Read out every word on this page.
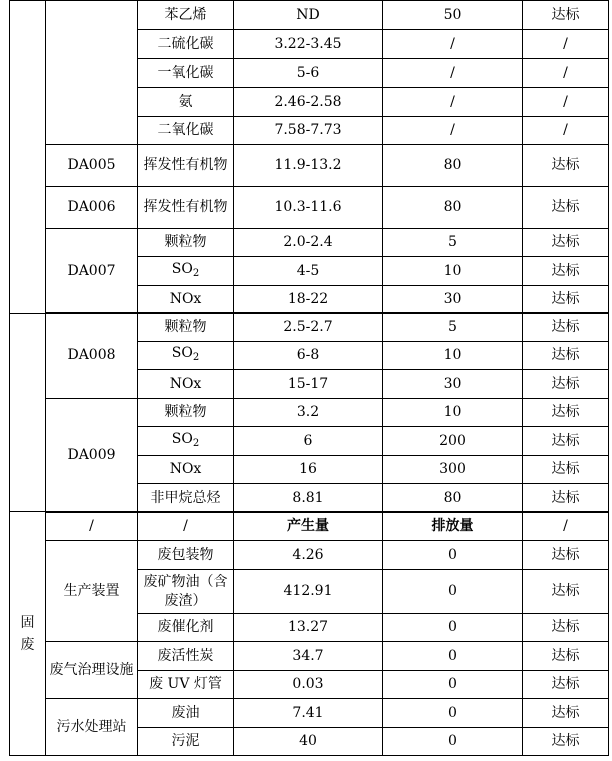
		苯乙烯	ND	50	达标
		二硫化碳	3.22-3.45	/	/
		一氧化碳	5-6	/	/
		氨	2.46-2.58	/	/
		二氧化碳	7.58-7.73	/	/
	DA005	挥发性有机物	11.9-13.2	80	达标
	DA006	挥发性有机物	10.3-11.6	80	达标
	DA007	颗粒物	2.0-2.4	5	达标
		$SO_2$	4-5	10	达标
		NOx	18-22	30	达标
	DA008	颗粒物	2.5-2.7	5	达标
		$SO_2$	6-8	10	达标
		NOx	15-17	30	达标
	DA009	颗粒物	3.2	10	达标
		$SO_2$	6	200	达标
		NOx	16	300	达标
		非甲烷总烃	8.81	80	达标
固废	/	/	产生量	排放量	/
	生产装置	废包装物	4.26	0	达标
		废矿物油（含废渣）	412.91	0	达标
		废催化剂	13.27	0	达标
	废气治理设施	废活性炭	34.7	0	达标
		废 UV 灯管	0.03	0	达标
	污水处理站	废油	7.41	0	达标
		污泥	40	0	达标
